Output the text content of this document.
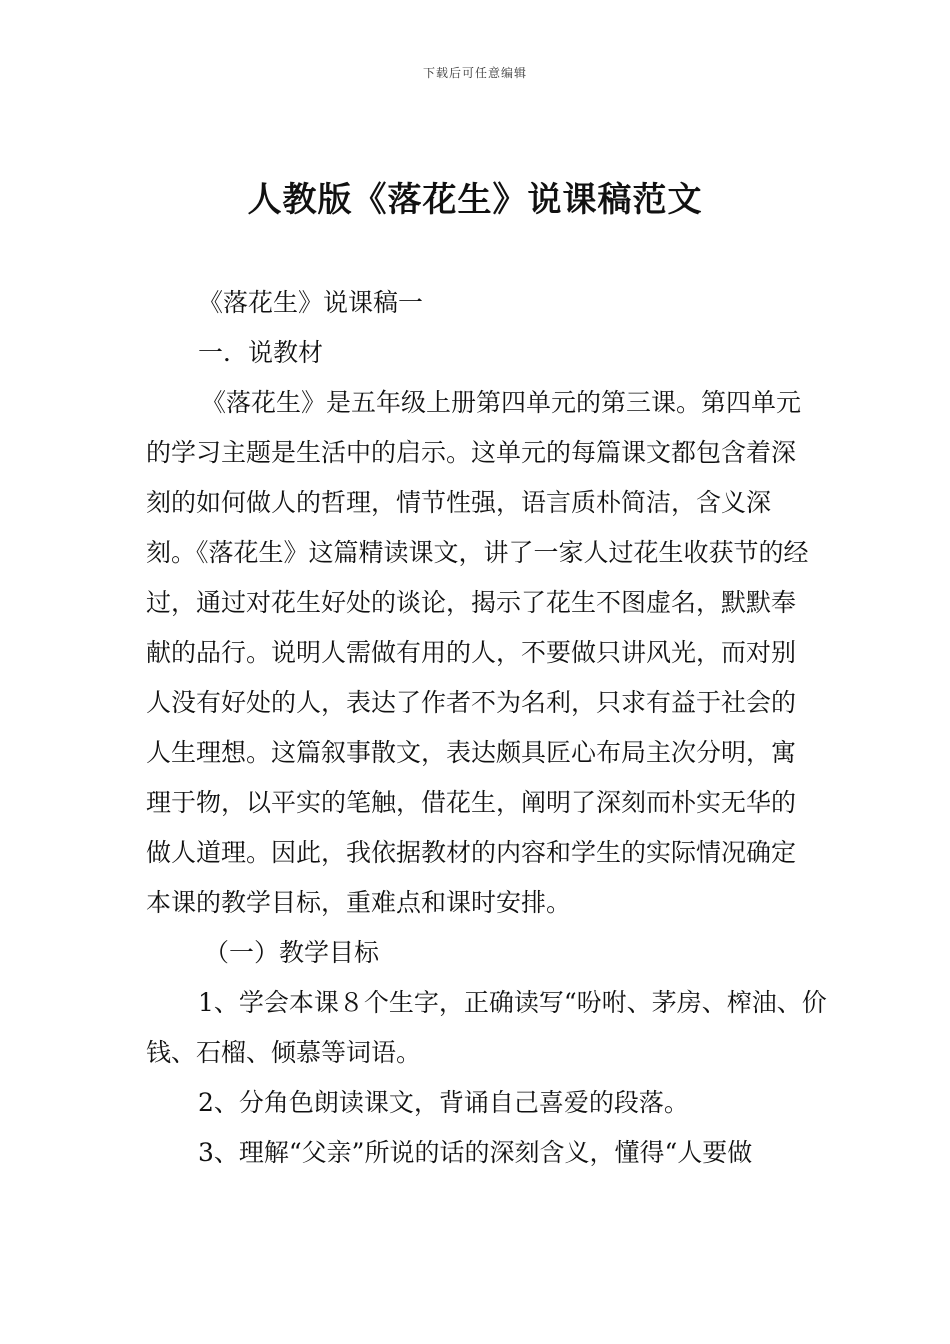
下载后可任意编辑
人教版《落花生》说课稿范文

《落花生》说课稿一

一．说教材

《落花生》是五年级上册第四单元的第三课。第四单元的学习主题是生活中的启示。这单元的每篇课文都包含着深刻的如何做人的哲理，情节性强，语言质朴简洁，含义深刻。《落花生》这篇精读课文，讲了一家人过花生收获节的经过，通过对花生好处的谈论，揭示了花生不图虚名，默默奉献的品行。说明人需做有用的人，不要做只讲风光，而对别人没有好处的人，表达了作者不为名利，只求有益于社会的人生理想。这篇叙事散文，表达颇具匠心布局主次分明，寓理于物，以平实的笔触，借花生，阐明了深刻而朴实无华的做人道理。因此，我依据教材的内容和学生的实际情况确定本课的教学目标，重难点和课时安排。

（一）教学目标

1、学会本课８个生字，正确读写“吩咐、茅房、榨油、价钱、石榴、倾慕等词语。

2、分角色朗读课文，背诵自己喜爱的段落。

3、理解“父亲”所说的话的深刻含义，懂得“人要做
